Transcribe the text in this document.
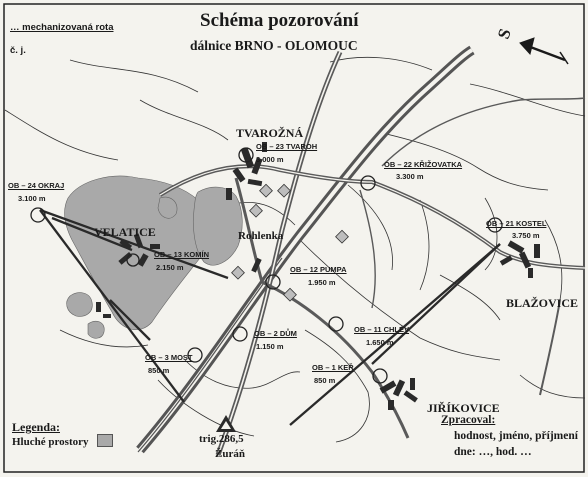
Schéma pozorování
dálnice BRNO - OLOMOUC
… mechanizovaná rota
č. j.
S
TVAROŽNÁ
VELATICE	Rohlenka
BLAŽOVICE
JIŘÍKOVICE
trig.286,5
Žuráň
OB – 23 TVAROH
3.000 m
OB – 22 KŘIŽOVATKA
3.300 m
OB – 24 OKRAJ
3.100 m
OB – 21 KOSTEL
3.750 m
OB – 13 KOMÍN
2.150 m	OB – 12 PUMPA
1.950 m
OB – 11 CHLÉV
1.650 m
OB – 2 DŮM
1.150 m
OB – 3 MOST
850 m	OB – 1 KEŘ
850 m
Legenda:
Hluché prostory
Zpracoval:
hodnost, jméno, příjmení
dne: …, hod. …
